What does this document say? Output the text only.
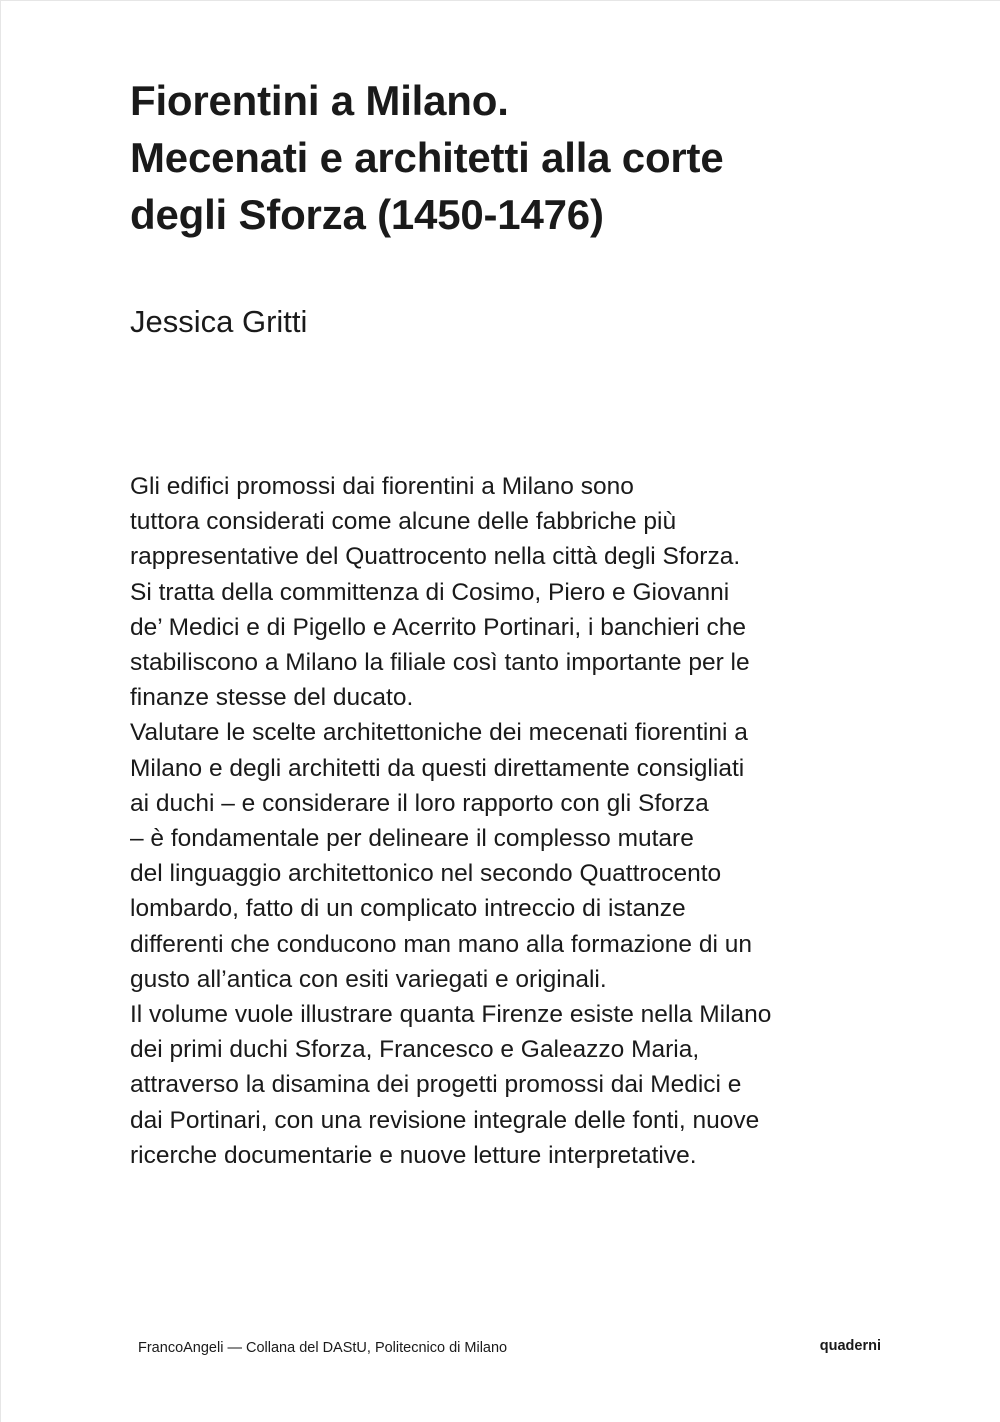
Fiorentini a Milano.
Mecenati e architetti alla corte
degli Sforza (1450-1476)

Jessica Gritti

Gli edifici promossi dai fiorentini a Milano sono
tuttora considerati come alcune delle fabbriche più
rappresentative del Quattrocento nella città degli Sforza.
Si tratta della committenza di Cosimo, Piero e Giovanni
de’ Medici e di Pigello e Acerrito Portinari, i banchieri che
stabiliscono a Milano la filiale così tanto importante per le
finanze stesse del ducato.
Valutare le scelte architettoniche dei mecenati fiorentini a
Milano e degli architetti da questi direttamente consigliati
ai duchi – e considerare il loro rapporto con gli Sforza
– è fondamentale per delineare il complesso mutare
del linguaggio architettonico nel secondo Quattrocento
lombardo, fatto di un complicato intreccio di istanze
differenti che conducono man mano alla formazione di un
gusto all’antica con esiti variegati e originali.
Il volume vuole illustrare quanta Firenze esiste nella Milano
dei primi duchi Sforza, Francesco e Galeazzo Maria,
attraverso la disamina dei progetti promossi dai Medici e
dai Portinari, con una revisione integrale delle fonti, nuove
ricerche documentarie e nuove letture interpretative.
FrancoAngeli — Collana del DAStU, Politecnico di Milano	quaderni
